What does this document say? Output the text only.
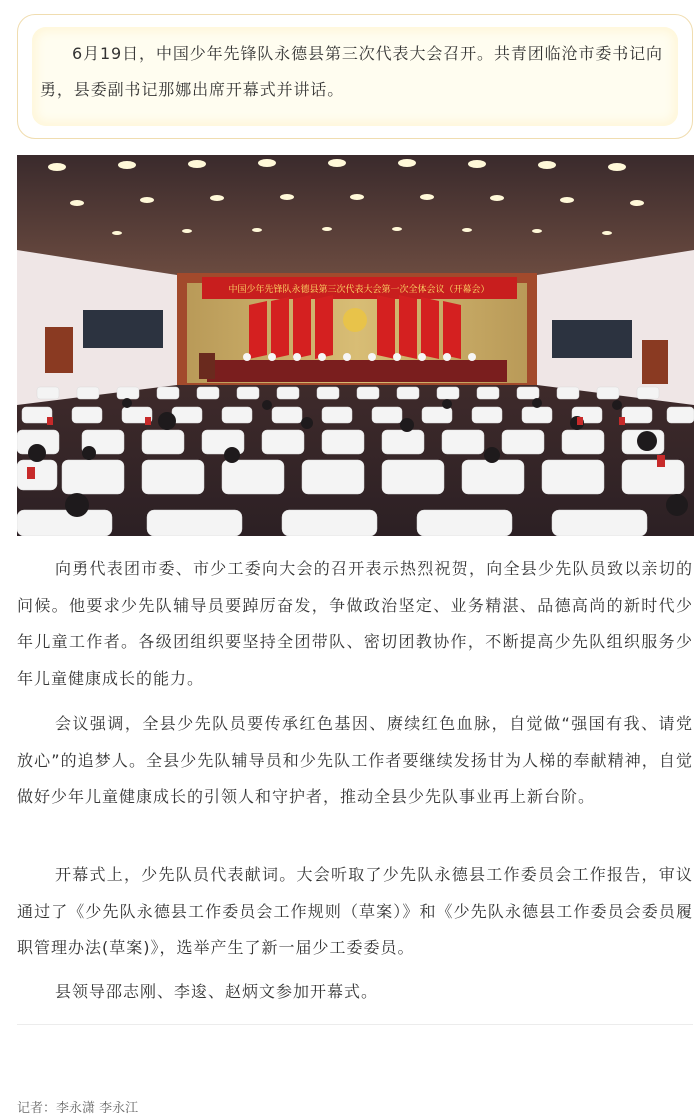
6月19日，中国少年先锋队永德县第三次代表大会召开。共青团临沧市委书记向勇，县委副书记那娜出席开幕式并讲话。

中国少年先锋队永德县第三次代表大会第一次全体会议（开幕会）

向勇代表团市委、市少工委向大会的召开表示热烈祝贺，向全县少先队员致以亲切的问候。他要求少先队辅导员要踔厉奋发，争做政治坚定、业务精湛、品德高尚的新时代少年儿童工作者。各级团组织要坚持全团带队、密切团教协作，不断提高少先队组织服务少年儿童健康成长的能力。

会议强调，全县少先队员要传承红色基因、赓续红色血脉，自觉做“强国有我、请党放心”的追梦人。全县少先队辅导员和少先队工作者要继续发扬甘为人梯的奉献精神，自觉做好少年儿童健康成长的引领人和守护者，推动全县少先队事业再上新台阶。

开幕式上，少先队员代表献词。大会听取了少先队永德县工作委员会工作报告，审议通过了《少先队永德县工作委员会工作规则（草案）》和《少先队永德县工作委员会委员履职管理办法(草案)》，选举产生了新一届少工委委员。

县领导邵志刚、李逡、赵炳文参加开幕式。

记者：李永潇 李永江
